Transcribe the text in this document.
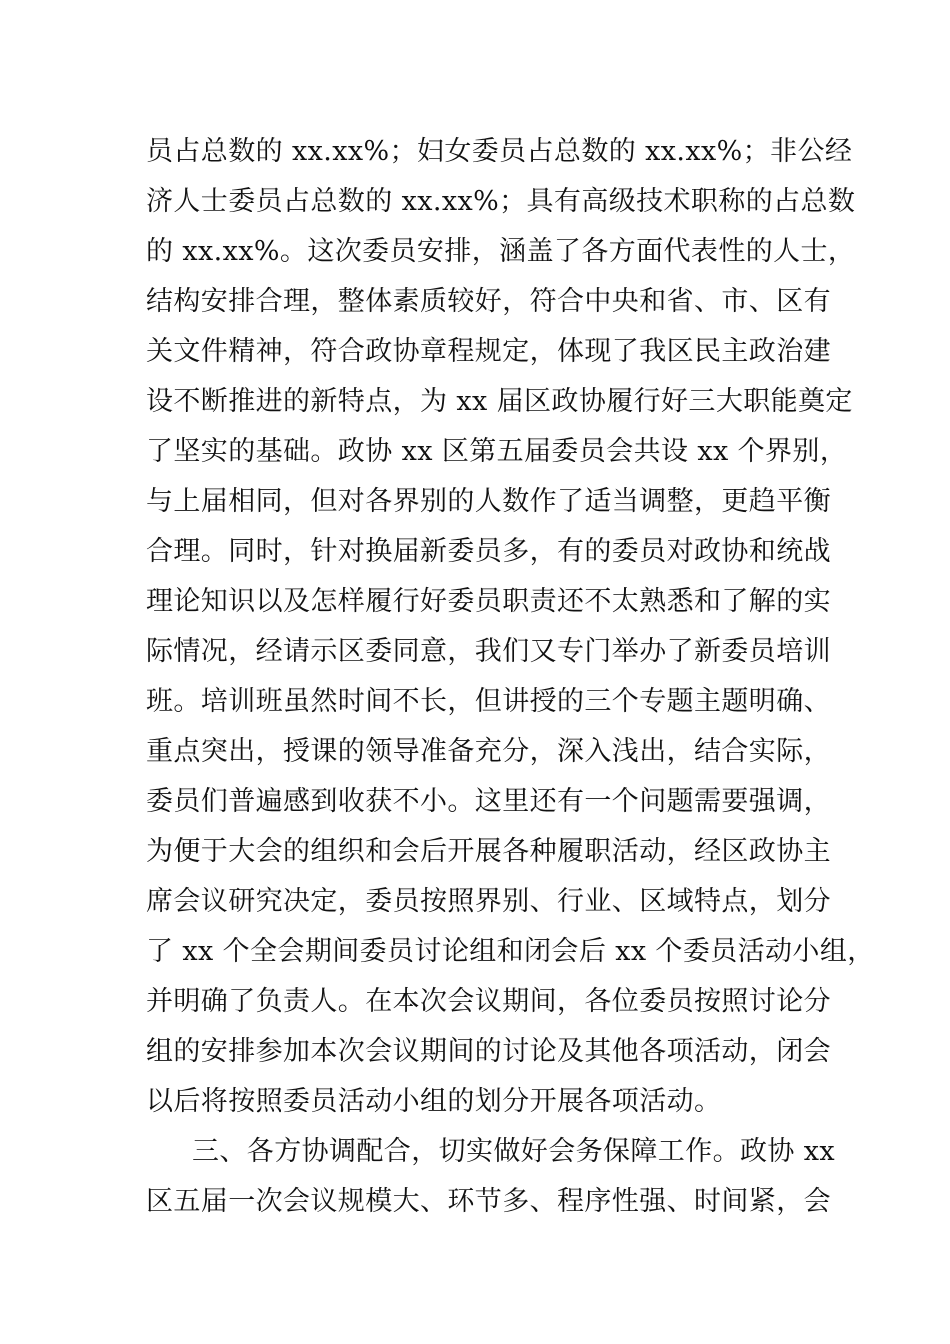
员占总数的 xx.xx%；妇女委员占总数的 xx.xx%；非公经
济人士委员占总数的 xx.xx%；具有高级技术职称的占总数
的 xx.xx%。这次委员安排，涵盖了各方面代表性的人士，
结构安排合理，整体素质较好，符合中央和省、市、区有
关文件精神，符合政协章程规定，体现了我区民主政治建
设不断推进的新特点，为 xx 届区政协履行好三大职能奠定
了坚实的基础。政协 xx 区第五届委员会共设 xx 个界别，
与上届相同，但对各界别的人数作了适当调整，更趋平衡
合理。同时，针对换届新委员多，有的委员对政协和统战
理论知识以及怎样履行好委员职责还不太熟悉和了解的实
际情况，经请示区委同意，我们又专门举办了新委员培训
班。培训班虽然时间不长，但讲授的三个专题主题明确、
重点突出，授课的领导准备充分，深入浅出，结合实际，
委员们普遍感到收获不小。这里还有一个问题需要强调，
为便于大会的组织和会后开展各种履职活动，经区政协主
席会议研究决定，委员按照界别、行业、区域特点，划分
了 xx 个全会期间委员讨论组和闭会后 xx 个委员活动小组，
并明确了负责人。在本次会议期间，各位委员按照讨论分
组的安排参加本次会议期间的讨论及其他各项活动，闭会
以后将按照委员活动小组的划分开展各项活动。
三、各方协调配合，切实做好会务保障工作。政协 xx
区五届一次会议规模大、环节多、程序性强、时间紧，会
